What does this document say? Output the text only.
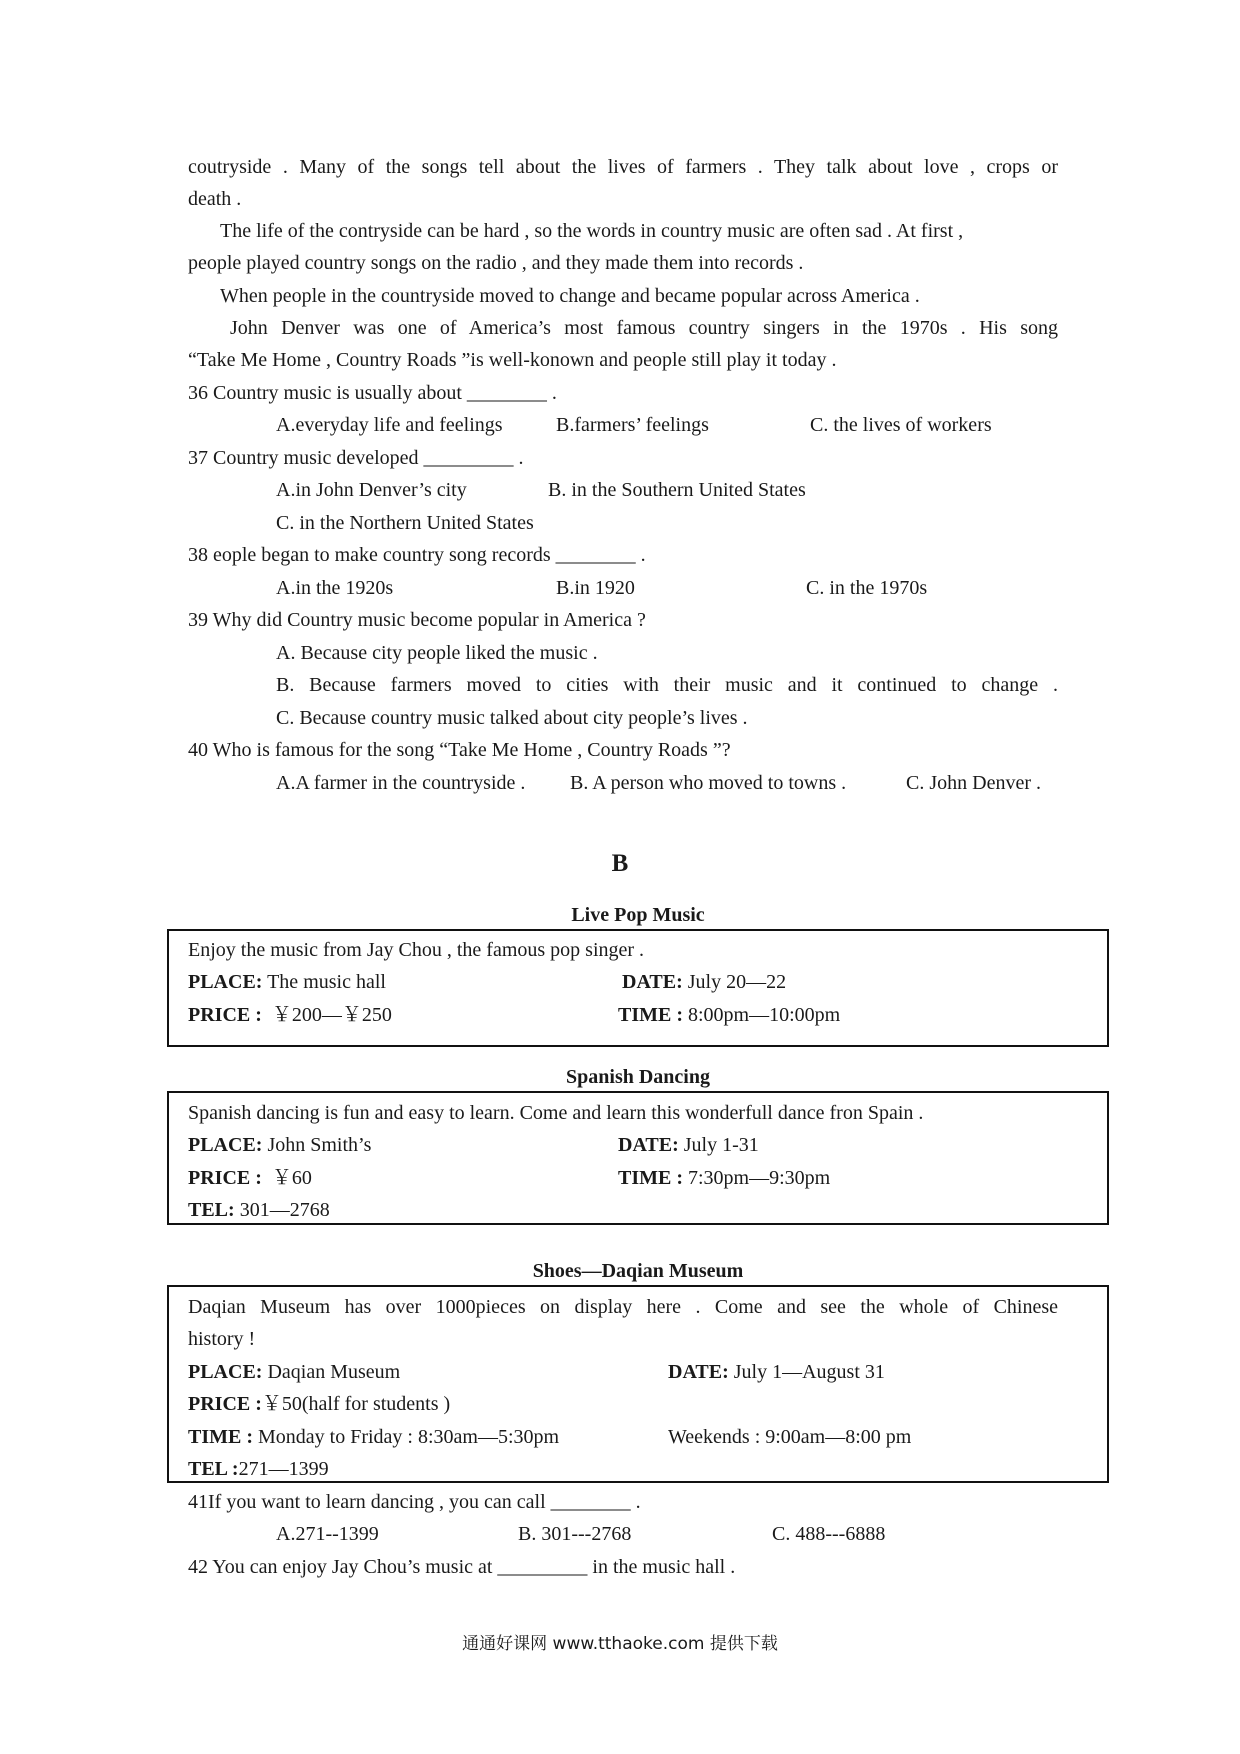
coutryside . Many of the songs tell about the lives of farmers . They talk about love , crops or
death .
The life of the contryside can be hard , so the words in country music are often sad . At first ,
people played country songs on the radio , and they made them into records .
When people in the countryside moved to change and became popular across America .
John Denver was one of America’s most famous country singers in the 1970s . His song
“Take Me Home , Country Roads ”is well-konown and people still play it today .
36 Country music is usually about ________ .
A.everyday life and feelings	B.farmers’ feelings	C. the lives of workers
37 Country music developed _________ .
A.in John Denver’s city	B. in the Southern United States
C. in the Northern United States
38 eople began to make country song records ________ .
A.in the 1920s	B.in 1920	C. in the 1970s
39 Why did Country music become popular in America ?
A. Because city people liked the music .
B. Because farmers moved to cities with their music and it continued to change .
C. Because country music talked about city people’s lives .
40 Who is famous for the song “Take Me Home , Country Roads ”?
A.A farmer in the countryside . B. A person who moved to towns .	C. John Denver .
B
Live Pop Music
Enjoy the music from Jay Chou , the famous pop singer .
PLACE: The music hall	DATE: July 20—22
PRICE : ￥200—￥250	TIME : 8:00pm—10:00pm
Spanish Dancing
Spanish dancing is fun and easy to learn. Come and learn this wonderfull dance fron Spain .
PLACE: John Smith’s	DATE: July 1-31
PRICE : ￥60	TIME : 7:30pm—9:30pm
TEL: 301—2768
Shoes—Daqian Museum
Daqian Museum has over 1000pieces on display here . Come and see the whole of Chinese
history !
PLACE: Daqian Museum	DATE: July 1—August 31
PRICE :￥50(half for students )
TIME : Monday to Friday : 8:30am—5:30pm	Weekends : 9:00am—8:00 pm
TEL :271—1399
41If you want to learn dancing , you can call ________ .
A.271--1399	B. 301---2768	C. 488---6888
42 You can enjoy Jay Chou’s music at _________ in the music hall .
通通好课网 www.tthaoke.com 提供下载
